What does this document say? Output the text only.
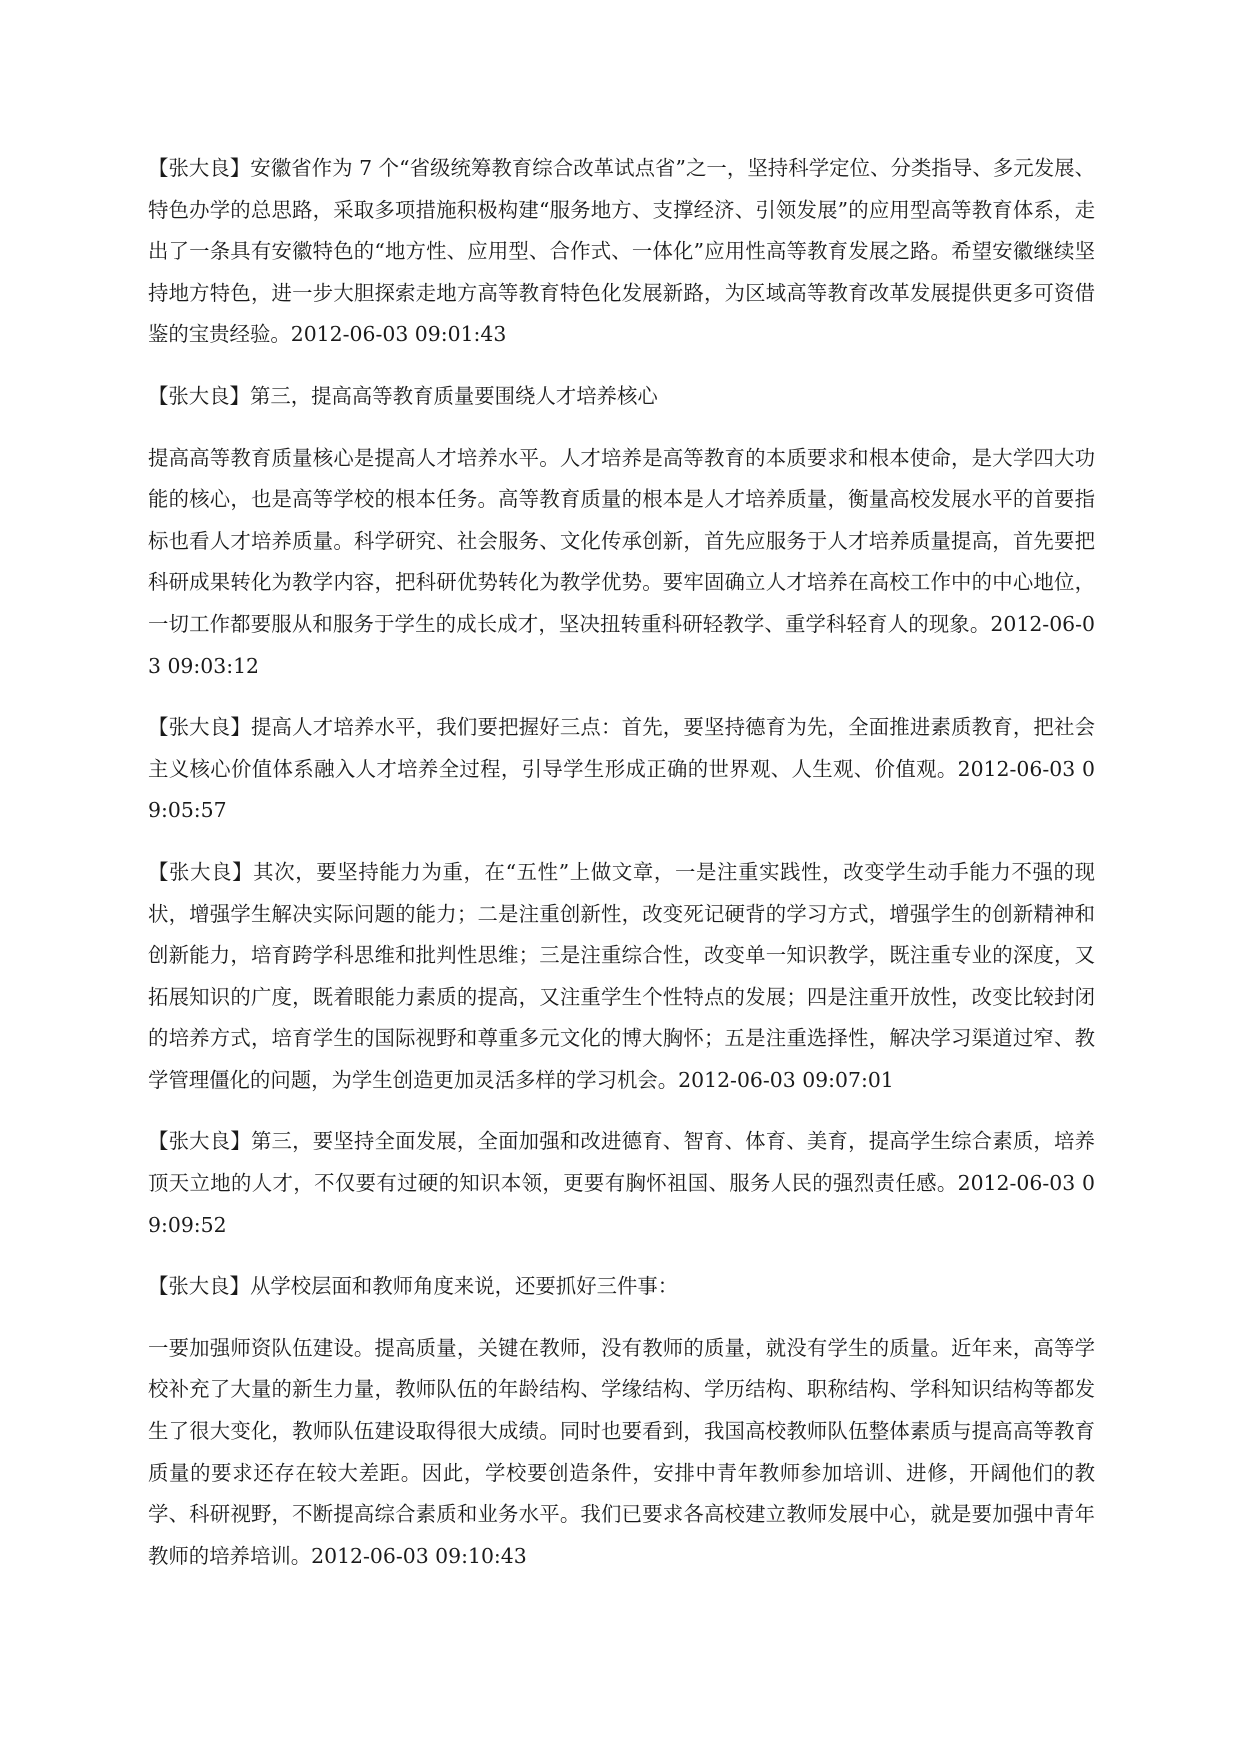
【张大良】安徽省作为 7 个“省级统筹教育综合改革试点省”之一，坚持科学定位、分类指导、多元发展、特色办学的总思路，采取多项措施积极构建“服务地方、支撑经济、引领发展”的应用型高等教育体系，走出了一条具有安徽特色的“地方性、应用型、合作式、一体化”应用性高等教育发展之路。希望安徽继续坚持地方特色，进一步大胆探索走地方高等教育特色化发展新路，为区域高等教育改革发展提供更多可资借鉴的宝贵经验。2012-06-03 09:01:43

【张大良】第三，提高高等教育质量要围绕人才培养核心

提高高等教育质量核心是提高人才培养水平。人才培养是高等教育的本质要求和根本使命，是大学四大功能的核心，也是高等学校的根本任务。高等教育质量的根本是人才培养质量，衡量高校发展水平的首要指标也看人才培养质量。科学研究、社会服务、文化传承创新，首先应服务于人才培养质量提高，首先要把科研成果转化为教学内容，把科研优势转化为教学优势。要牢固确立人才培养在高校工作中的中心地位，一切工作都要服从和服务于学生的成长成才，坚决扭转重科研轻教学、重学科轻育人的现象。2012-06-03 09:03:12

【张大良】提高人才培养水平，我们要把握好三点：首先，要坚持德育为先，全面推进素质教育，把社会主义核心价值体系融入人才培养全过程，引导学生形成正确的世界观、人生观、价值观。2012-06-03 09:05:57

【张大良】其次，要坚持能力为重，在“五性”上做文章，一是注重实践性，改变学生动手能力不强的现状，增强学生解决实际问题的能力；二是注重创新性，改变死记硬背的学习方式，增强学生的创新精神和创新能力，培育跨学科思维和批判性思维；三是注重综合性，改变单一知识教学，既注重专业的深度，又拓展知识的广度，既着眼能力素质的提高，又注重学生个性特点的发展；四是注重开放性，改变比较封闭的培养方式，培育学生的国际视野和尊重多元文化的博大胸怀；五是注重选择性，解决学习渠道过窄、教学管理僵化的问题，为学生创造更加灵活多样的学习机会。2012-06-03 09:07:01

【张大良】第三，要坚持全面发展，全面加强和改进德育、智育、体育、美育，提高学生综合素质，培养顶天立地的人才，不仅要有过硬的知识本领，更要有胸怀祖国、服务人民的强烈责任感。2012-06-03 09:09:52

【张大良】从学校层面和教师角度来说，还要抓好三件事：

一要加强师资队伍建设。提高质量，关键在教师，没有教师的质量，就没有学生的质量。近年来，高等学校补充了大量的新生力量，教师队伍的年龄结构、学缘结构、学历结构、职称结构、学科知识结构等都发生了很大变化，教师队伍建设取得很大成绩。同时也要看到，我国高校教师队伍整体素质与提高高等教育质量的要求还存在较大差距。因此，学校要创造条件，安排中青年教师参加培训、进修，开阔他们的教学、科研视野，不断提高综合素质和业务水平。我们已要求各高校建立教师发展中心，就是要加强中青年教师的培养培训。2012-06-03 09:10:43
